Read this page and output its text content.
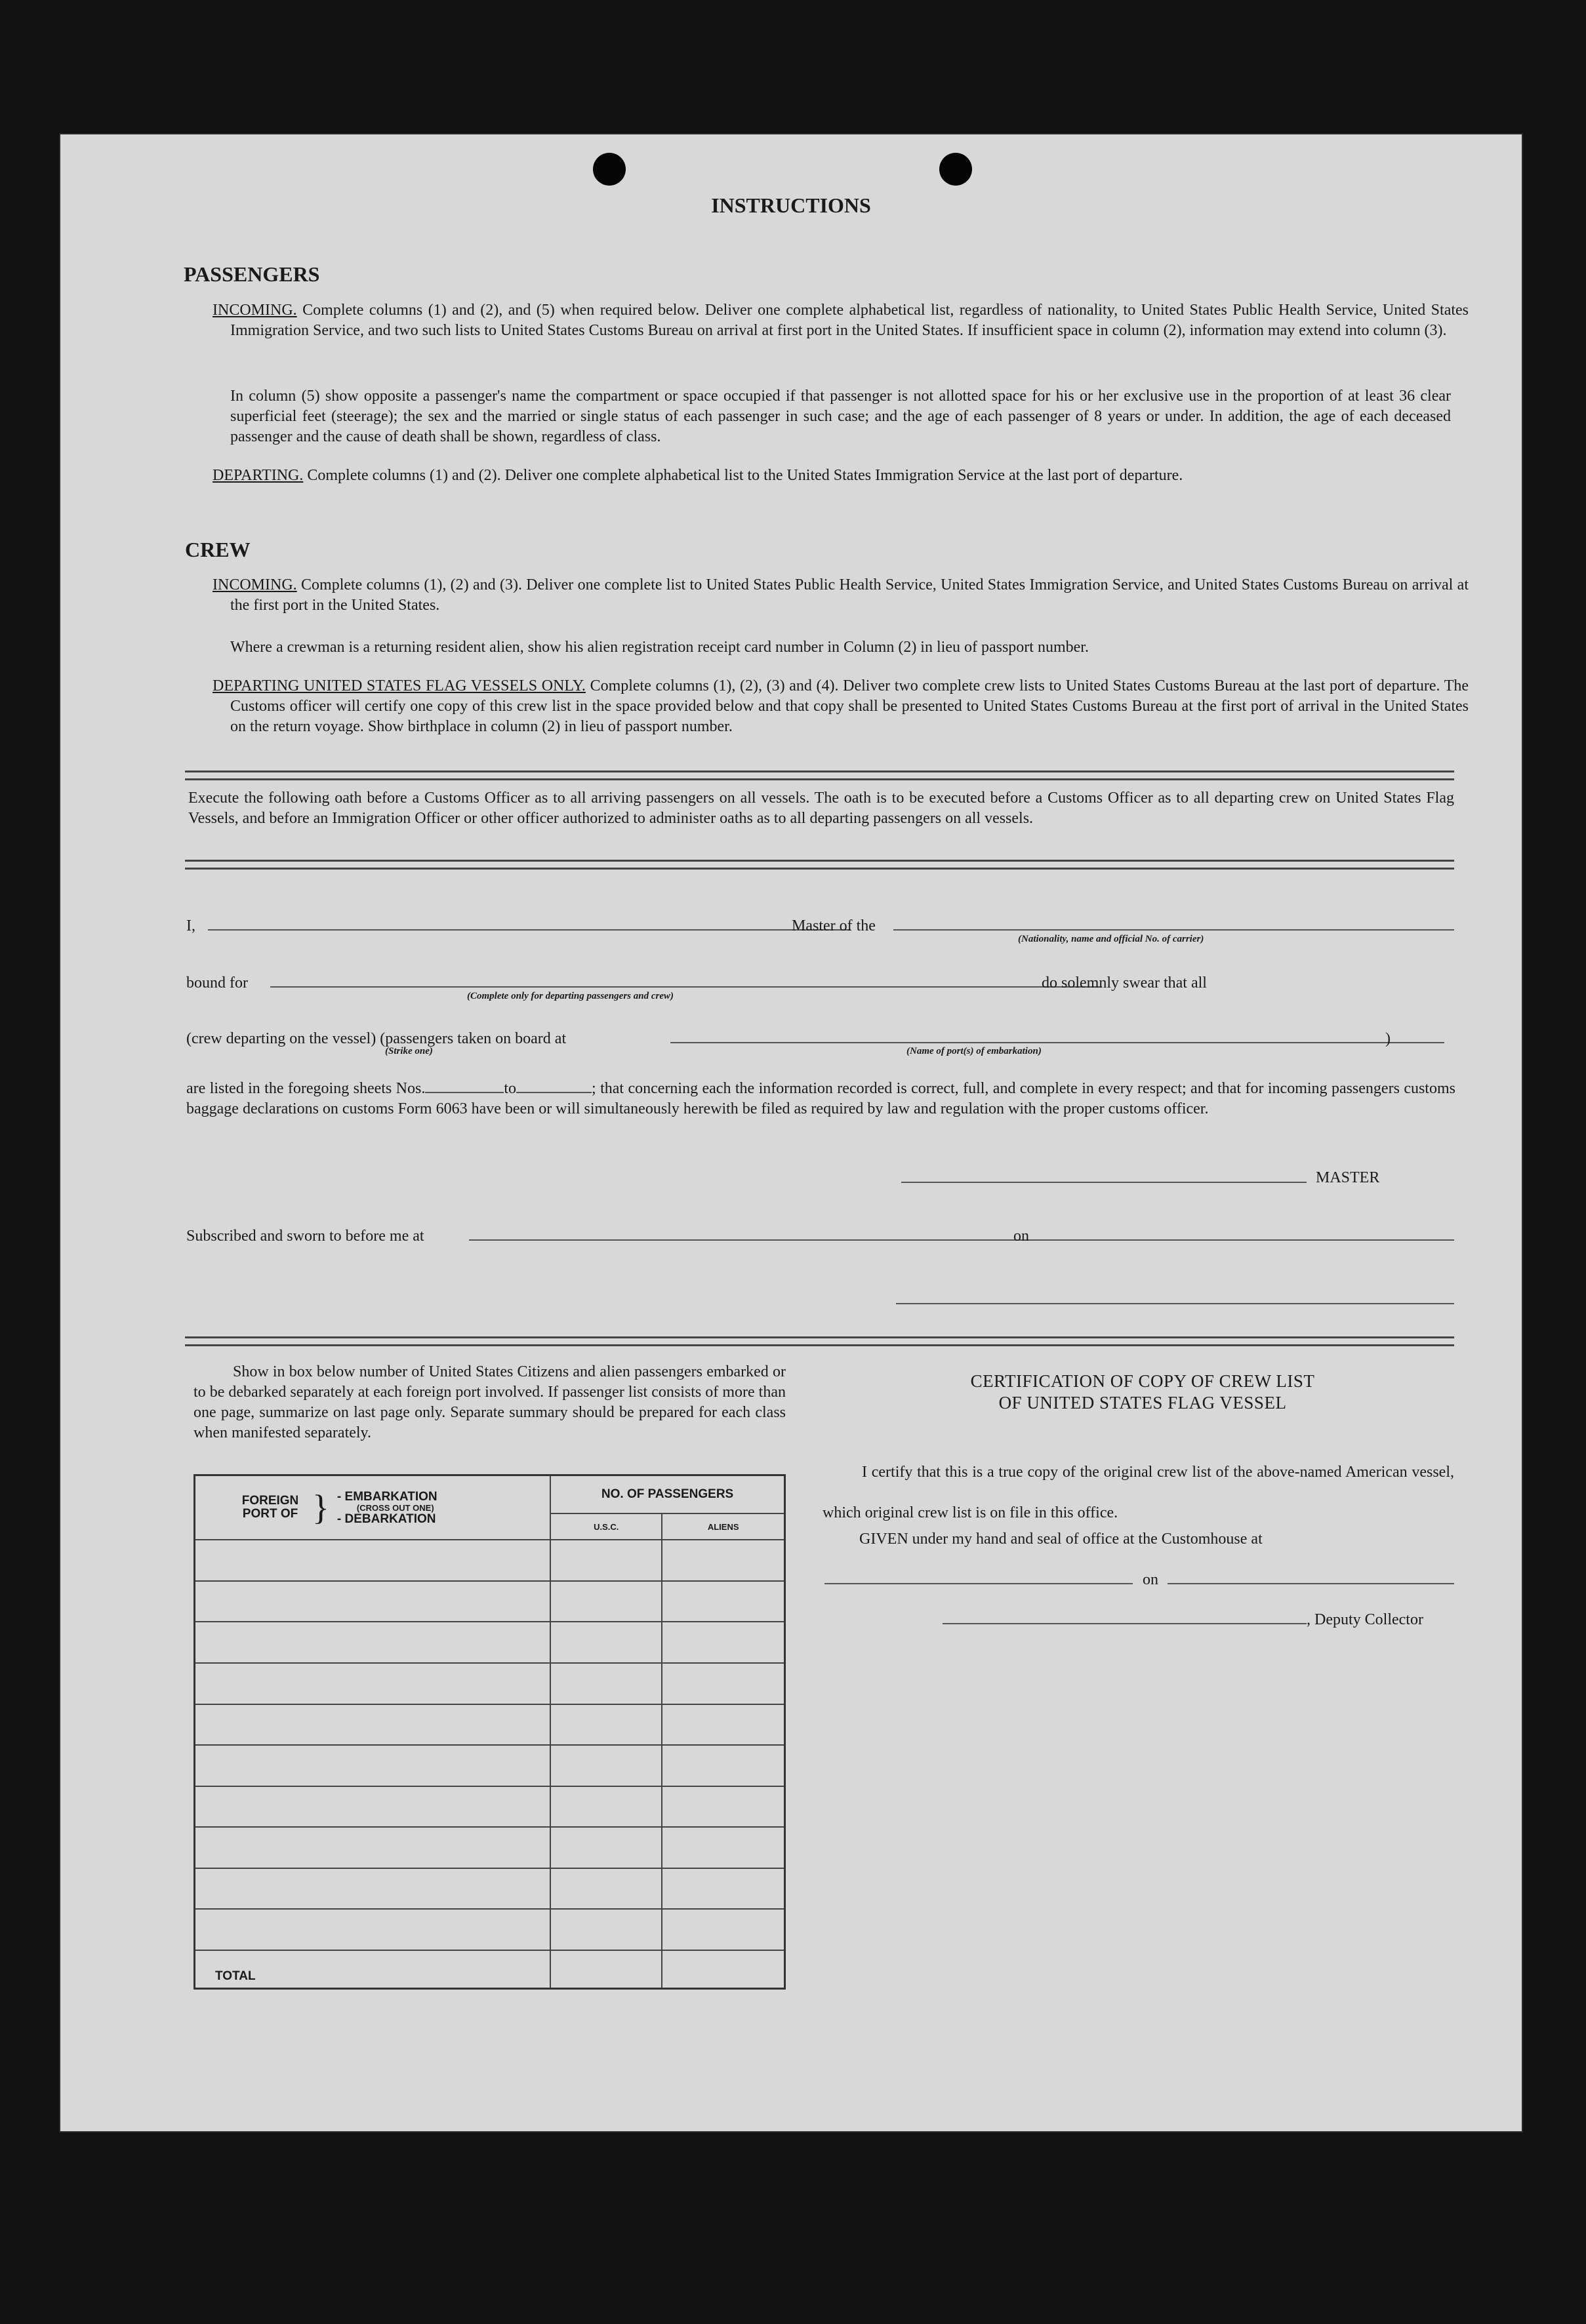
INSTRUCTIONS
PASSENGERS
INCOMING. Complete columns (1) and (2), and (5) when required below. Deliver one complete alphabetical list, regardless of nationality, to United States Public Health Service, United States Immigration Service, and two such lists to United States Customs Bureau on arrival at first port in the United States. If insufficient space in column (2), information may extend into column (3).
In column (5) show opposite a passenger's name the compartment or space occupied if that passenger is not allotted space for his or her exclusive use in the proportion of at least 36 clear superficial feet (steerage); the sex and the married or single status of each passenger in such case; and the age of each passenger of 8 years or under. In addition, the age of each deceased passenger and the cause of death shall be shown, regardless of class.
DEPARTING. Complete columns (1) and (2). Deliver one complete alphabetical list to the United States Immigration Service at the last port of departure.
CREW
INCOMING. Complete columns (1), (2) and (3). Deliver one complete list to United States Public Health Service, United States Immigration Service, and United States Customs Bureau on arrival at the first port in the United States.
Where a crewman is a returning resident alien, show his alien registration receipt card number in Column (2) in lieu of passport number.
DEPARTING UNITED STATES FLAG VESSELS ONLY. Complete columns (1), (2), (3) and (4). Deliver two complete crew lists to United States Customs Bureau at the last port of departure. The Customs officer will certify one copy of this crew list in the space provided below and that copy shall be presented to United States Customs Bureau at the first port of arrival in the United States on the return voyage. Show birthplace in column (2) in lieu of passport number.
Execute the following oath before a Customs Officer as to all arriving passengers on all vessels. The oath is to be executed before a Customs Officer as to all departing crew on United States Flag Vessels, and before an Immigration Officer or other officer authorized to administer oaths as to all departing passengers on all vessels.
I,	Master of the
(Nationality, name and official No. of carrier)
bound for
(Complete only for departing passengers and crew)
do solemnly swear that all
(crew departing on the vessel) (passengers taken on board at	)
(Strike one)	(Name of port(s) of embarkation)
are listed in the foregoing sheets Nos.	to	; that concerning each the information recorded is correct, full, and complete in every respect; and that for incoming passengers customs baggage declarations on customs Form 6063 have been or will simultaneously herewith be filed as required by law and regulation with the proper customs officer.
MASTER
Subscribed and sworn to before me at	on
Show in box below number of United States Citizens and alien passengers embarked or to be debarked separately at each foreign port involved. If passenger list consists of more than one page, summarize on last page only. Separate summary should be prepared for each class when manifested separately.
FOREIGN PORT OF } - EMBARKATION
(CROSS OUT ONE)
- DEBARKATION	NO. OF PASSENGERS	
	U.S.C.	ALIENS

TOTAL		

CERTIFICATION OF COPY OF CREW LIST
OF UNITED STATES FLAG VESSEL
I certify that this is a true copy of the original crew list of the above-named American vessel, which original crew list is on file in this office.
GIVEN under my hand and seal of office at the Customhouse at
on
, Deputy Collector
